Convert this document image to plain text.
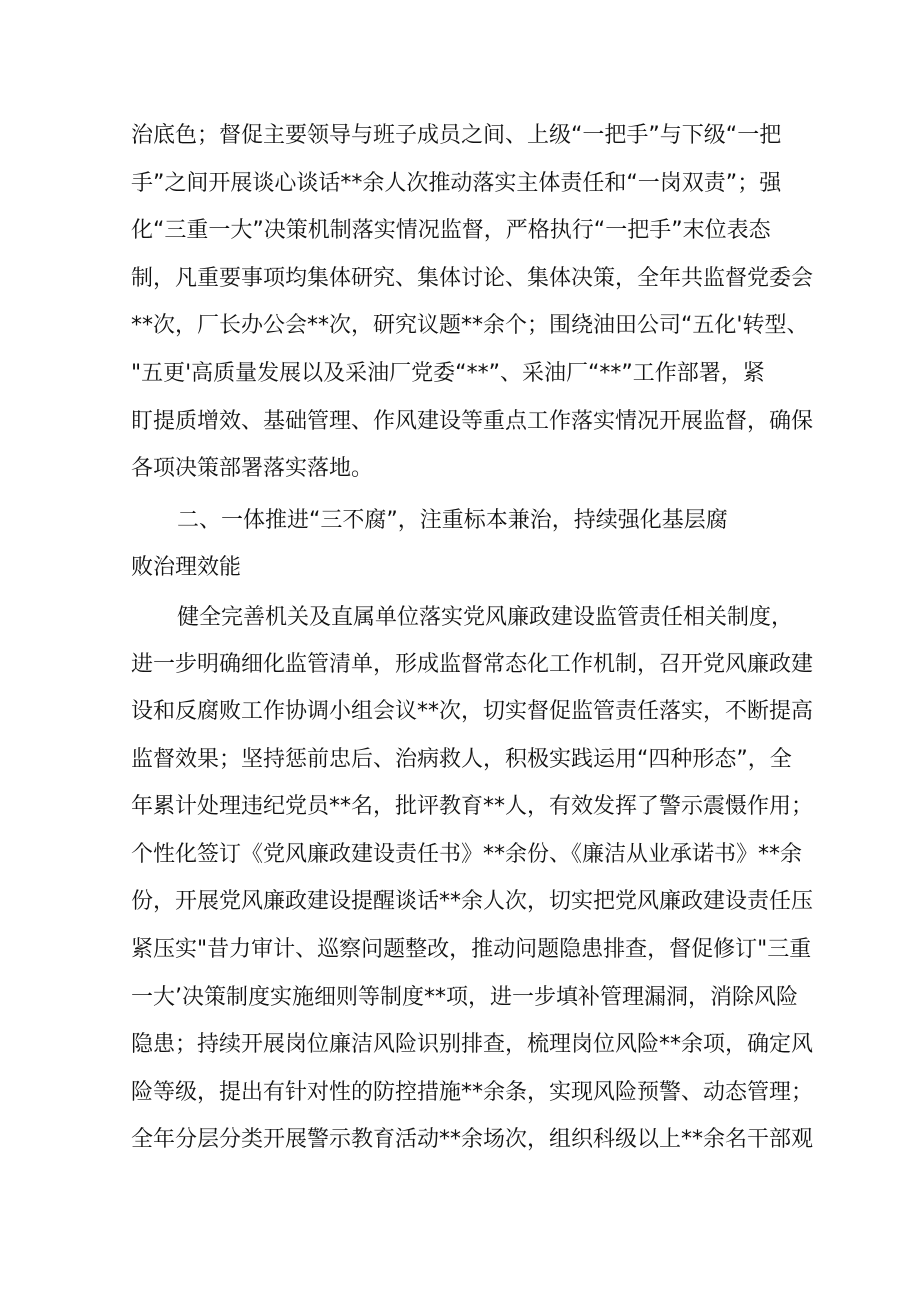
治底色；督促主要领导与班子成员之间、上级“一把手”与下级“一把
手”之间开展谈心谈话**余人次推动落实主体责任和“一岗双责”；强
化“三重一大”决策机制落实情况监督，严格执行“一把手”末位表态
制，凡重要事项均集体研究、集体讨论、集体决策，全年共监督党委会
**次，厂长办公会**次，研究议题**余个；围绕油田公司“五化'转型、
"五更'高质量发展以及采油厂党委“**”、采油厂“**”工作部署，紧
盯提质增效、基础管理、作风建设等重点工作落实情况开展监督，确保
各项决策部署落实落地。
二、一体推进“三不腐”，注重标本兼治，持续强化基层腐
败治理效能
健全完善机关及直属单位落实党风廉政建设监管责任相关制度，
进一步明确细化监管清单，形成监督常态化工作机制，召开党风廉政建
设和反腐败工作协调小组会议**次，切实督促监管责任落实，不断提高
监督效果；坚持惩前忠后、治病救人，积极实践运用“四种形态”，全
年累计处理违纪党员**名，批评教育**人，有效发挥了警示震慑作用；
个性化签订《党风廉政建设责任书》**余份、《廉洁从业承诺书》**余
份，开展党风廉政建设提醒谈话**余人次，切实把党风廉政建设责任压
紧压实"昔力审计、巡察问题整改，推动问题隐患排查，督促修订"三重
一大’决策制度实施细则等制度**项，进一步填补管理漏洞，消除风险
隐患；持续开展岗位廉洁风险识别排查，梳理岗位风险**余项，确定风
险等级，提出有针对性的防控措施**余条，实现风险预警、动态管理；
全年分层分类开展警示教育活动**余场次，组织科级以上**余名干部观
